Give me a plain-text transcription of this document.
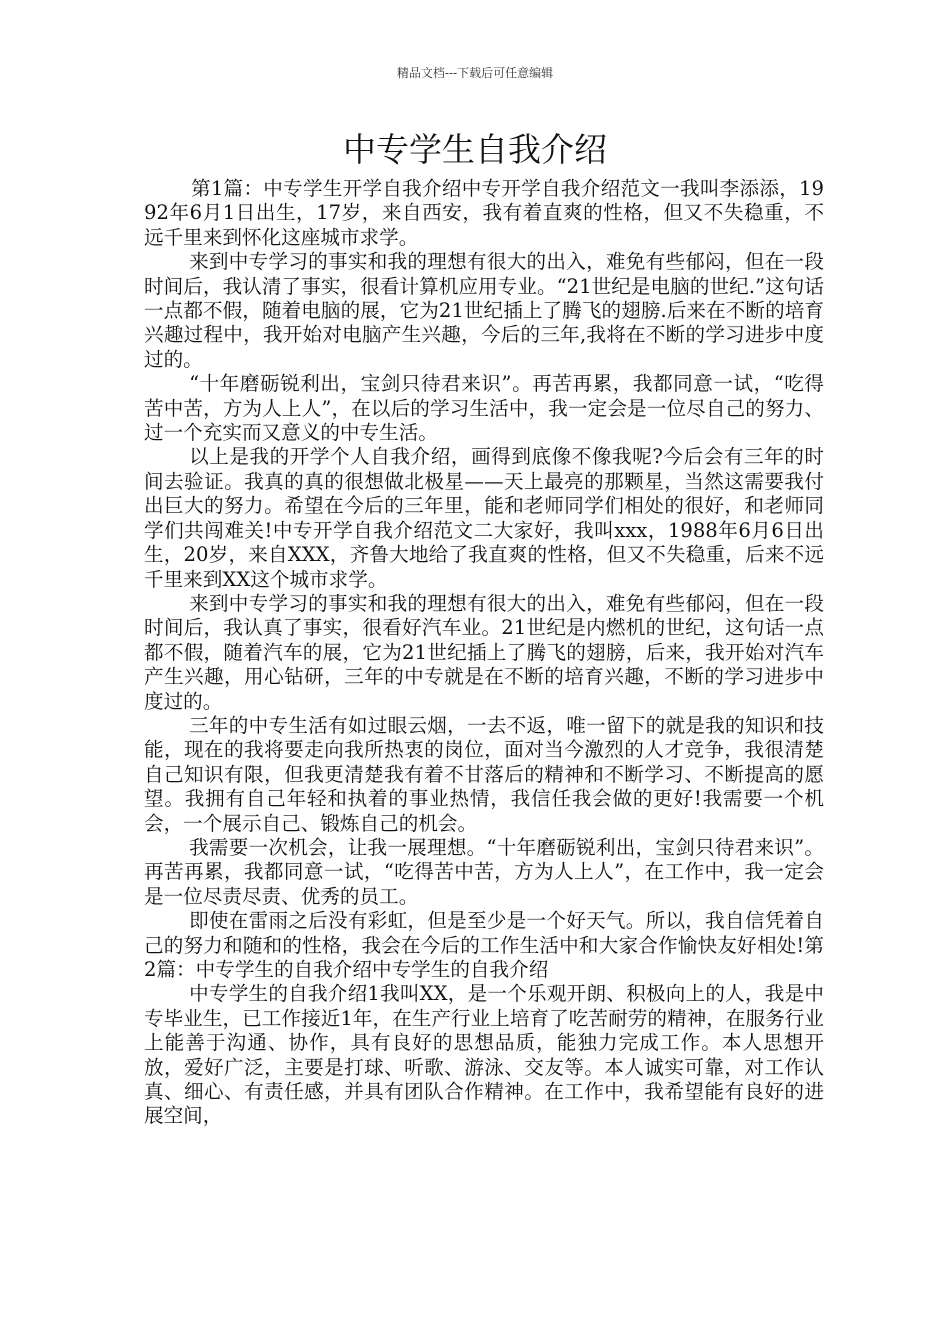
精品文档---下载后可任意编辑
中专学生自我介绍

第1篇：中专学生开学自我介绍中专开学自我介绍范文一我叫李添添，1992年6月1日出生，17岁，来自西安，我有着直爽的性格，但又不失稳重，不远千里来到怀化这座城市求学。

来到中专学习的事实和我的理想有很大的出入，难免有些郁闷，但在一段时间后，我认清了事实，很看计算机应用专业。“21世纪是电脑的世纪.”这句话一点都不假，随着电脑的展，它为21世纪插上了腾飞的翅膀.后来在不断的培育兴趣过程中，我开始对电脑产生兴趣，今后的三年,我将在不断的学习进步中度过的。

“十年磨砺锐利出，宝剑只待君来识”。再苦再累，我都同意一试，“吃得苦中苦，方为人上人”，在以后的学习生活中，我一定会是一位尽自己的努力、过一个充实而又意义的中专生活。

以上是我的开学个人自我介绍，画得到底像不像我呢?今后会有三年的时间去验证。我真的真的很想做北极星——天上最亮的那颗星，当然这需要我付出巨大的努力。希望在今后的三年里，能和老师同学们相处的很好，和老师同学们共闯难关!中专开学自我介绍范文二大家好，我叫xxx，1988年6月6日出生，20岁，来自XXX，齐鲁大地给了我直爽的性格，但又不失稳重，后来不远千里来到XX这个城市求学。

来到中专学习的事实和我的理想有很大的出入，难免有些郁闷，但在一段时间后，我认真了事实，很看好汽车业。21世纪是内燃机的世纪，这句话一点都不假，随着汽车的展，它为21世纪插上了腾飞的翅膀，后来，我开始对汽车产生兴趣，用心钻研，三年的中专就是在不断的培育兴趣，不断的学习进步中度过的。

三年的中专生活有如过眼云烟，一去不返，唯一留下的就是我的知识和技能，现在的我将要走向我所热衷的岗位，面对当今激烈的人才竞争，我很清楚自己知识有限，但我更清楚我有着不甘落后的精神和不断学习、不断提高的愿望。我拥有自己年轻和执着的事业热情，我信任我会做的更好!我需要一个机会，一个展示自己、锻炼自己的机会。

我需要一次机会，让我一展理想。“十年磨砺锐利出，宝剑只待君来识”。再苦再累，我都同意一试，“吃得苦中苦，方为人上人”，在工作中，我一定会是一位尽责尽责、优秀的员工。

即使在雷雨之后没有彩虹，但是至少是一个好天气。所以，我自信凭着自己的努力和随和的性格，我会在今后的工作生活中和大家合作愉快友好相处!第2篇：中专学生的自我介绍中专学生的自我介绍

中专学生的自我介绍1我叫XX，是一个乐观开朗、积极向上的人，我是中专毕业生，已工作接近1年，在生产行业上培育了吃苦耐劳的精神，在服务行业上能善于沟通、协作，具有良好的思想品质，能独力完成工作。本人思想开放，爱好广泛，主要是打球、听歌、游泳、交友等。本人诚实可靠，对工作认真、细心、有责任感，并具有团队合作精神。在工作中，我希望能有良好的进展空间，
